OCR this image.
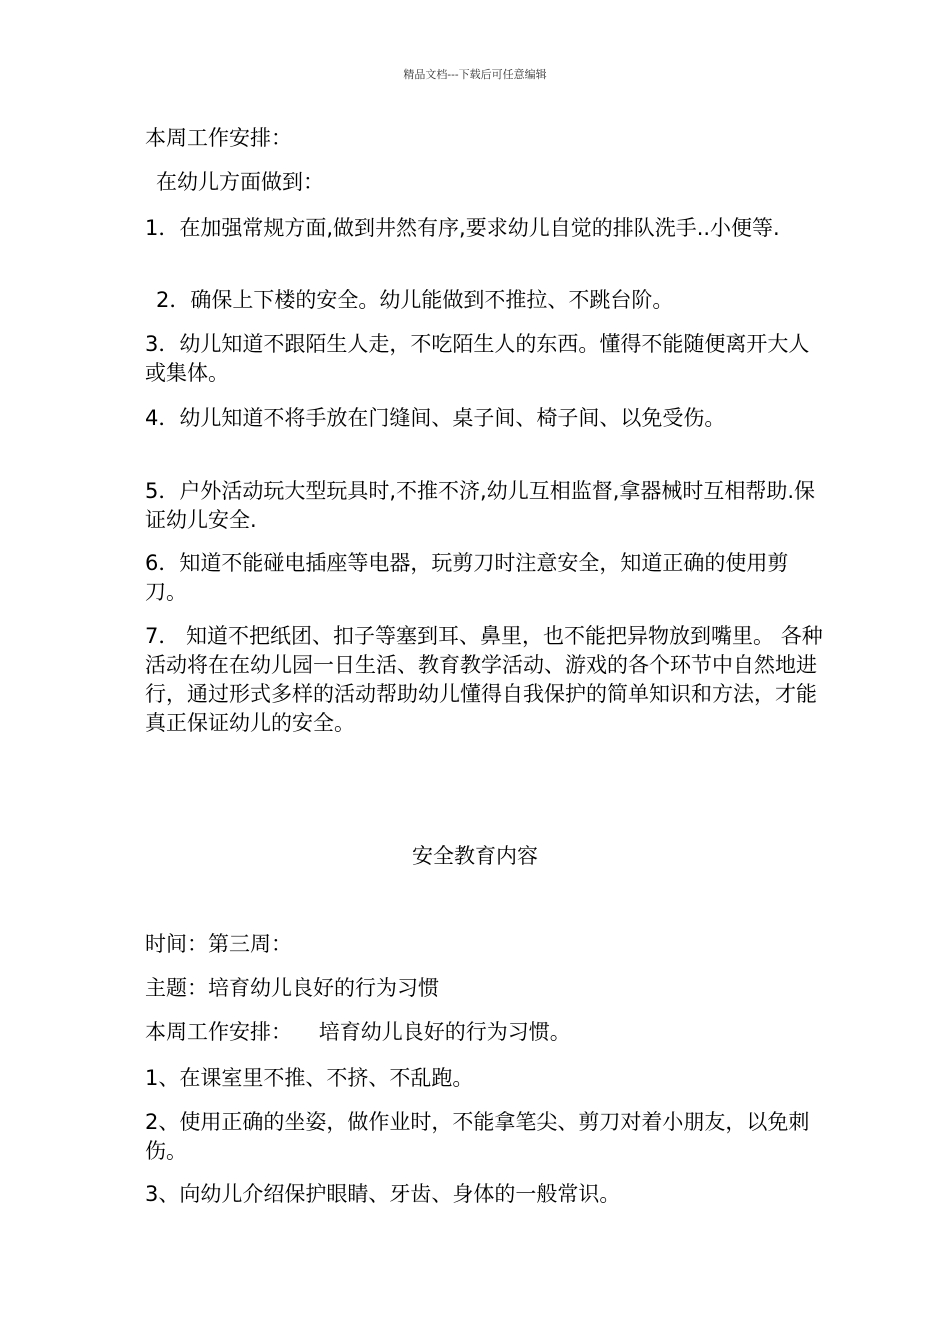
精品文档---下载后可任意编辑

本周工作安排：

在幼儿方面做到：

1．在加强常规方面,做到井然有序,要求幼儿自觉的排队洗手..小便等.

2．确保上下楼的安全。幼儿能做到不推拉、不跳台阶。

3．幼儿知道不跟陌生人走，不吃陌生人的东西。懂得不能随便离开大人或集体。

4．幼儿知道不将手放在门缝间、桌子间、椅子间、以免受伤。

5．户外活动玩大型玩具时,不推不济,幼儿互相监督,拿器械时互相帮助.保证幼儿安全.

6．知道不能碰电插座等电器，玩剪刀时注意安全，知道正确的使用剪刀。

7． 知道不把纸团、扣子等塞到耳、鼻里，也不能把异物放到嘴里。 各种活动将在在幼儿园一日生活、教育教学活动、游戏的各个环节中自然地进行，通过形式多样的活动帮助幼儿懂得自我保护的简单知识和方法，才能真正保证幼儿的安全。

安全教育内容

时间：第三周：

主题：培育幼儿良好的行为习惯

本周工作安排：    培育幼儿良好的行为习惯。

1、在课室里不推、不挤、不乱跑。

2、使用正确的坐姿，做作业时，不能拿笔尖、剪刀对着小朋友，以免刺伤。

3、向幼儿介绍保护眼睛、牙齿、身体的一般常识。
